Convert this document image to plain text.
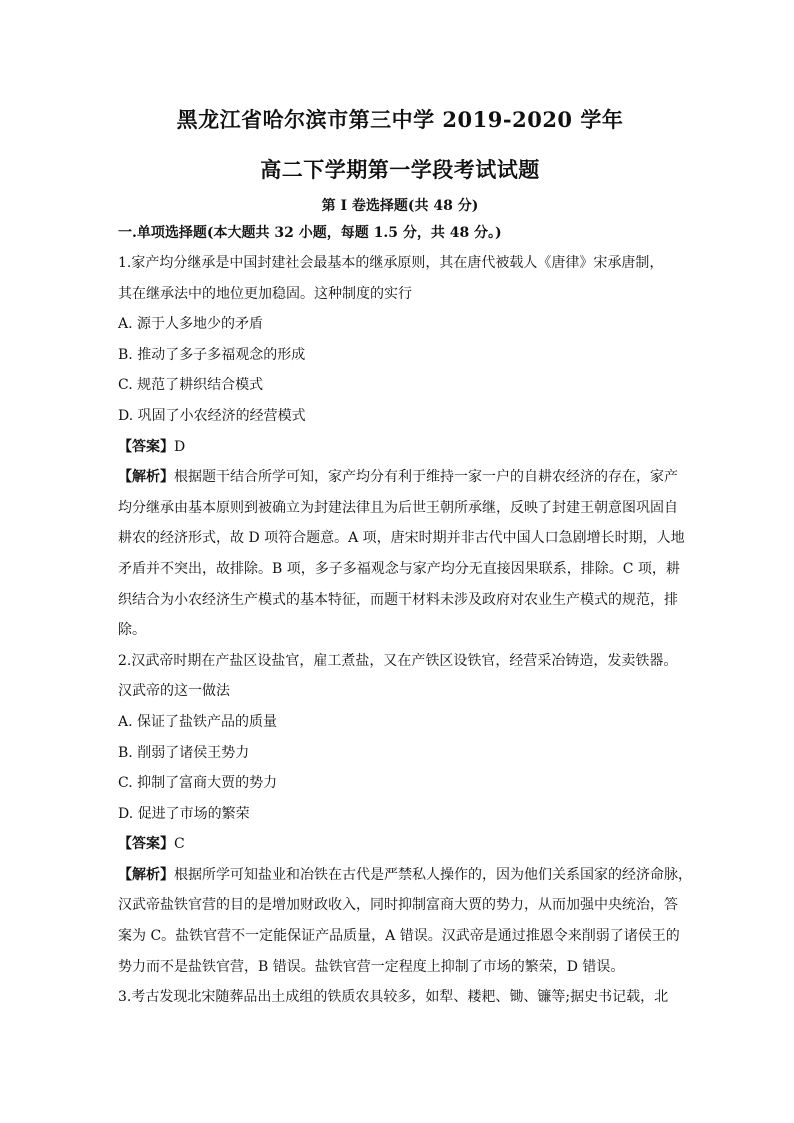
黑龙江省哈尔滨市第三中学 2019-2020 学年
高二下学期第一学段考试试题
第 I 卷选择题(共 48 分)
一.单项选择题(本大题共 32 小题，每题 1.5 分，共 48 分。)

1.家产均分继承是中国封建社会最基本的继承原则，其在唐代被载人《唐律》宋承唐制，

其在继承法中的地位更加稳固。这种制度的实行

A. 源于人多地少的矛盾

B. 推动了多子多福观念的形成

C. 规范了耕织结合模式

D. 巩固了小农经济的经营模式

【答案】D

【解析】根据题干结合所学可知，家产均分有利于维持一家一户的自耕农经济的存在，家产

均分继承由基本原则到被确立为封建法律且为后世王朝所承继，反映了封建王朝意图巩固自

耕农的经济形式，故 D 项符合题意。A 项，唐宋时期并非古代中国人口急剧增长时期，人地

矛盾并不突出，故排除。B 项，多子多福观念与家产均分无直接因果联系，排除。C 项，耕

织结合为小农经济生产模式的基本特征，而题干材料未涉及政府对农业生产模式的规范，排

除。

2.汉武帝时期在产盐区设盐官，雇工煮盐，又在产铁区设铁官，经营采冶铸造，发卖铁器。

汉武帝的这一做法

A. 保证了盐铁产品的质量

B. 削弱了诸侯王势力

C. 抑制了富商大贾的势力

D. 促进了市场的繁荣

【答案】C

【解析】根据所学可知盐业和冶铁在古代是严禁私人操作的，因为他们关系国家的经济命脉，

汉武帝盐铁官营的目的是增加财政收入，同时抑制富商大贾的势力，从而加强中央统治，答

案为 C。盐铁官营不一定能保证产品质量，A 错误。汉武帝是通过推恩令来削弱了诸侯王的

势力而不是盐铁官营，B 错误。盐铁官营一定程度上抑制了市场的繁荣，D 错误。

3.考古发现北宋随葬品出土成组的铁质农具较多，如犁、耧耙、锄、镰等;据史书记载，北
